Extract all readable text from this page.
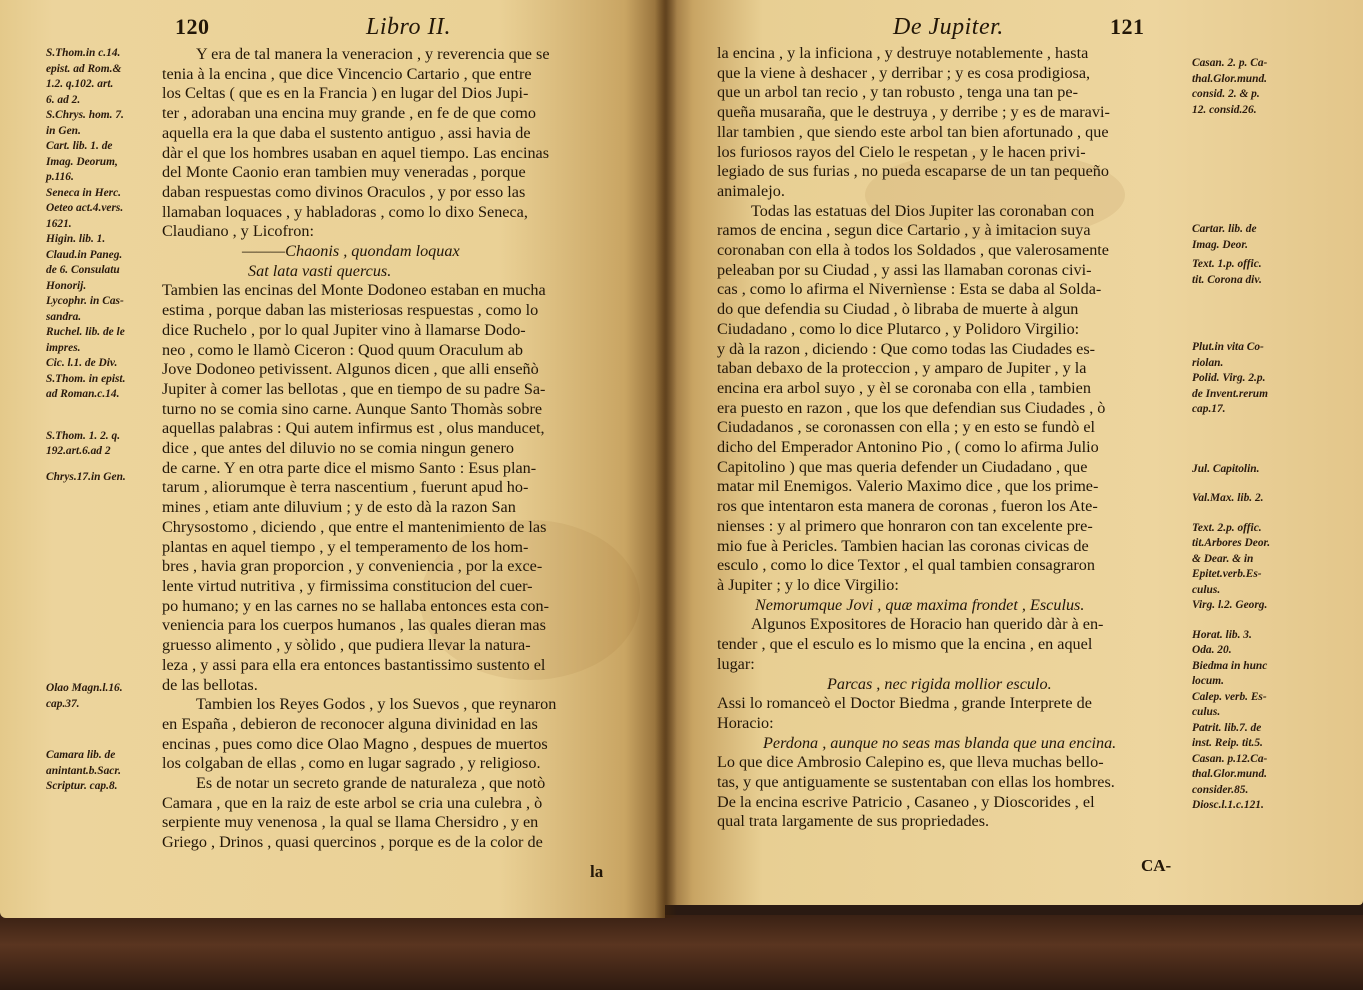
120	Libro II.
S.Thom.in c.14.
epist. ad Rom.&
1.2. q.102. art.
6. ad 2.
S.Chrys. hom. 7.
in Gen.
Cart. lib. 1. de
Imag. Deorum,
p.116.
Seneca in Herc.
Oeteo act.4.vers.
1621.
Higin. lib. 1.
Claud.in Paneg.
de 6. Consulatu
Honorij.
Lycophr. in Cas-
sandra.
Ruchel. lib. de le
impres.
Cic. l.1. de Div.
S.Thom. in epist.
ad Roman.c.14.
S.Thom. 1. 2. q.
192.art.6.ad 2
Chrys.17.in Gen.
Olao Magn.l.16.
cap.37.
Camara lib. de
anintant.b.Sacr.
Scriptur. cap.8.
Y era de tal manera la veneracion , y reverencia que se
tenia à la encina , que dice Vincencio Cartario , que entre
los Celtas ( que es en la Francia ) en lugar del Dios Jupi-
ter , adoraban una encina muy grande , en fe de que como
aquella era la que daba el sustento antiguo , assi havia de
dàr el que los hombres usaban en aquel tiempo. Las encinas
del Monte Caonio eran tambien muy veneradas , porque
daban respuestas como divinos Oraculos , y por esso las
llamaban loquaces , y habladoras , como lo dixo Seneca,
Claudiano , y Licofron:
———Chaonis , quondam loquax
Sat lata vasti quercus.
Tambien las encinas del Monte Dodoneo estaban en mucha
estima , porque daban las misteriosas respuestas , como lo
dice Ruchelo , por lo qual Jupiter vino à llamarse Dodo-
neo , como le llamò Ciceron : Quod quum Oraculum ab
Jove Dodoneo petivissent. Algunos dicen , que alli enseñò
Jupiter à comer las bellotas , que en tiempo de su padre Sa-
turno no se comia sino carne. Aunque Santo Thomàs sobre
aquellas palabras : Qui autem infirmus est , olus manducet,
dice , que antes del diluvio no se comia ningun genero
de carne. Y en otra parte dice el mismo Santo : Esus plan-
tarum , aliorumque è terra nascentium , fuerunt apud ho-
mines , etiam ante diluvium ; y de esto dà la razon San
Chrysostomo , diciendo , que entre el mantenimiento de las
plantas en aquel tiempo , y el temperamento de los hom-
bres , havia gran proporcion , y conveniencia , por la exce-
lente virtud nutritiva , y firmissima constitucion del cuer-
po humano; y en las carnes no se hallaba entonces esta con-
veniencia para los cuerpos humanos , las quales dieran mas
gruesso alimento , y sòlido , que pudiera llevar la natura-
leza , y assi para ella era entonces bastantissimo sustento el
de las bellotas.
Tambien los Reyes Godos , y los Suevos , que reynaron
en España , debieron de reconocer alguna divinidad en las
encinas , pues como dice Olao Magno , despues de muertos
los colgaban de ellas , como en lugar sagrado , y religioso.
Es de notar un secreto grande de naturaleza , que notò
Camara , que en la raiz de este arbol se cria una culebra , ò
serpiente muy venenosa , la qual se llama Chersidro , y en
Griego , Drinos , quasi quercinos , porque es de la color de
la
De Jupiter.	121
la encina , y la inficiona , y destruye notablemente , hasta
que la viene à deshacer , y derribar ; y es cosa prodigiosa,
que un arbol tan recio , y tan robusto , tenga una tan pe-
queña musaraña, que le destruya , y derribe ; y es de maravi-
llar tambien , que siendo este arbol tan bien afortunado , que
los furiosos rayos del Cielo le respetan , y le hacen privi-
legiado de sus furias , no pueda escaparse de un tan pequeño
animalejo.
Todas las estatuas del Dios Jupiter las coronaban con
ramos de encina , segun dice Cartario , y à imitacion suya
coronaban con ella à todos los Soldados , que valerosamente
peleaban por su Ciudad , y assi las llamaban coronas civi-
cas , como lo afirma el Nivernìense : Esta se daba al Solda-
do que defendia su Ciudad , ò libraba de muerte à algun
Ciudadano , como lo dice Plutarco , y Polidoro Virgilio:
y dà la razon , diciendo : Que como todas las Ciudades es-
taban debaxo de la proteccion , y amparo de Jupiter , y la
encina era arbol suyo , y èl se coronaba con ella , tambien
era puesto en razon , que los que defendian sus Ciudades , ò
Ciudadanos , se coronassen con ella ; y en esto se fundò el
dicho del Emperador Antonino Pio , ( como lo afirma Julio
Capitolino ) que mas queria defender un Ciudadano , que
matar mil Enemigos. Valerio Maximo dice , que los prime-
ros que intentaron esta manera de coronas , fueron los Ate-
nienses : y al primero que honraron con tan excelente pre-
mio fue à Pericles. Tambien hacian las coronas civicas de
esculo , como lo dice Textor , el qual tambien consagraron
à Jupiter ; y lo dice Virgilio:
Nemorumque Jovi , quæ maxima frondet , Esculus.
Algunos Expositores de Horacio han querido dàr à en-
tender , que el esculo es lo mismo que la encina , en aquel
lugar:
Parcas , nec rigida mollior esculo.
Assi lo romanceò el Doctor Biedma , grande Interprete de
Horacio:
Perdona , aunque no seas mas blanda que una encina.
Lo que dice Ambrosio Calepino es, que lleva muchas bello-
tas, y que antiguamente se sustentaban con ellas los hombres.
De la encina escrive Patricio , Casaneo , y Dioscorides , el
qual trata largamente de sus propriedades.
Casan. 2. p. Ca-
thal.Glor.mund.
consid. 2. & p.
12. consid.26.
Cartar. lib. de
Imag. Deor.
Text. 1.p. offic.
tit. Corona div.
Plut.in vita Co-
riolan.
Polid. Virg. 2.p.
de Invent.rerum
cap.17.
Jul. Capitolin.
Val.Max. lib. 2.
Text. 2.p. offic.
tit.Arbores Deor.
& Dear. & in
Epitet.verb.Es-
culus.
Virg. l.2. Georg.
Horat. lib. 3.
Oda. 20.
Biedma in hunc
locum.
Calep. verb. Es-
culus.
Patrit. lib.7. de
inst. Reip. tit.5.
Casan. p.12.Ca-
thal.Glor.mund.
consider.85.
Diosc.l.1.c.121.
CA-
